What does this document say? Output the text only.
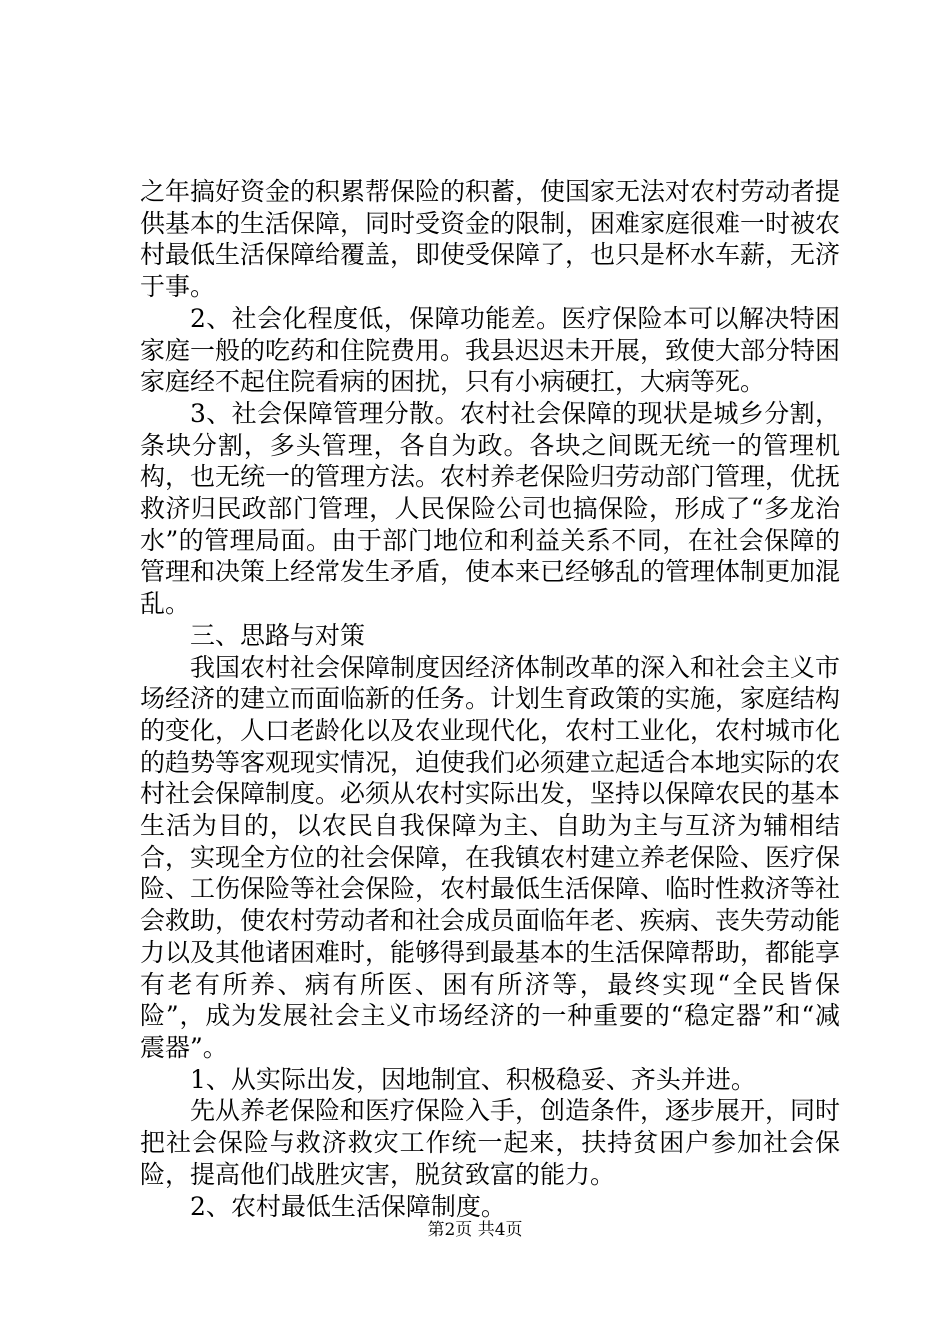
之年搞好资金的积累帮保险的积蓄，使国家无法对农村劳动者提供基本的生活保障，同时受资金的限制，困难家庭很难一时被农村最低生活保障给覆盖，即使受保障了，也只是杯水车薪，无济于事。

2、社会化程度低，保障功能差。医疗保险本可以解决特困家庭一般的吃药和住院费用。我县迟迟未开展，致使大部分特困家庭经不起住院看病的困扰，只有小病硬扛，大病等死。

3、社会保障管理分散。农村社会保障的现状是城乡分割，条块分割，多头管理，各自为政。各块之间既无统一的管理机构，也无统一的管理方法。农村养老保险归劳动部门管理，优抚救济归民政部门管理，人民保险公司也搞保险，形成了“多龙治水”的管理局面。由于部门地位和利益关系不同，在社会保障的管理和决策上经常发生矛盾，使本来已经够乱的管理体制更加混乱。

三、思路与对策

我国农村社会保障制度因经济体制改革的深入和社会主义市场经济的建立而面临新的任务。计划生育政策的实施，家庭结构的变化，人口老龄化以及农业现代化，农村工业化，农村城市化的趋势等客观现实情况，迫使我们必须建立起适合本地实际的农村社会保障制度。必须从农村实际出发，坚持以保障农民的基本生活为目的，以农民自我保障为主、自助为主与互济为辅相结合，实现全方位的社会保障，在我镇农村建立养老保险、医疗保险、工伤保险等社会保险，农村最低生活保障、临时性救济等社会救助，使农村劳动者和社会成员面临年老、疾病、丧失劳动能力以及其他诸困难时，能够得到最基本的生活保障帮助，都能享有老有所养、病有所医、困有所济等，最终实现“全民皆保险”，成为发展社会主义市场经济的一种重要的“稳定器”和“减震器”。

1、从实际出发，因地制宜、积极稳妥、齐头并进。

先从养老保险和医疗保险入手，创造条件，逐步展开，同时把社会保险与救济救灾工作统一起来，扶持贫困户参加社会保险，提高他们战胜灾害，脱贫致富的能力。

2、农村最低生活保障制度。

第2页 共4页
